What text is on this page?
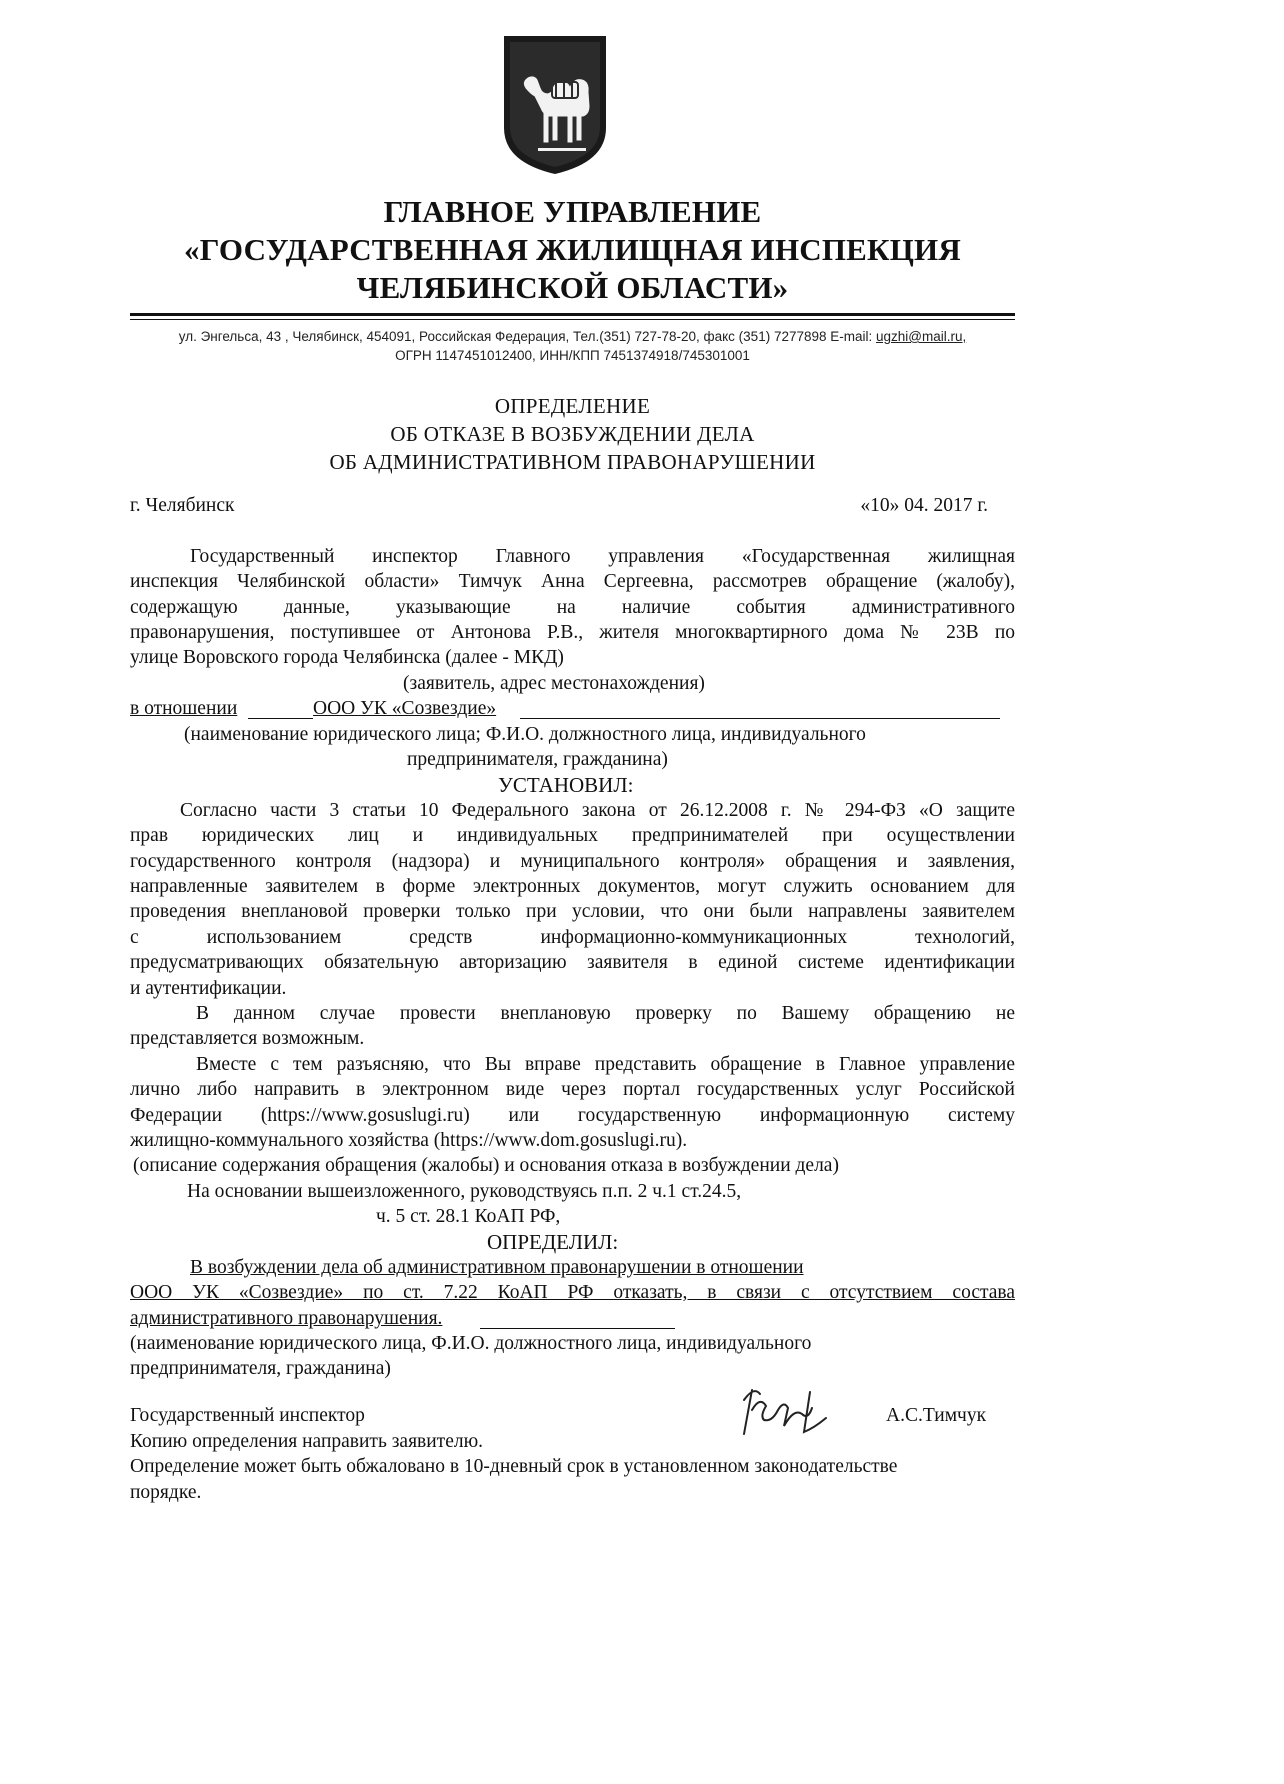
ГЛАВНОЕ УПРАВЛЕНИЕ
«ГОСУДАРСТВЕННАЯ ЖИЛИЩНАЯ ИНСПЕКЦИЯ
ЧЕЛЯБИНСКОЙ ОБЛАСТИ»
ул. Энгельса, 43 , Челябинск, 454091, Российская Федерация, Тел.(351) 727-78-20, факс (351) 7277898 E-mail: ugzhi@mail.ru,
ОГРН 1147451012400, ИНН/КПП 7451374918/745301001
ОПРЕДЕЛЕНИЕ
ОБ ОТКАЗЕ В ВОЗБУЖДЕНИИ ДЕЛА
ОБ АДМИНИСТРАТИВНОМ ПРАВОНАРУШЕНИИ
г. Челябинск	«10» 04. 2017 г.
Государственный инспектор Главного управления «Государственная жилищная
инспекция Челябинской области» Тимчук Анна Сергеевна, рассмотрев обращение (жалобу),
содержащую данные, указывающие на наличие события административного
правонарушения, поступившее от Антонова Р.В., жителя многоквартирного дома № 23В по
улице Воровского города Челябинска (далее - МКД)
(заявитель, адрес местонахождения)
в отношении	ООО УК «Созвездие»
(наименование юридического лица; Ф.И.О. должностного лица, индивидуального
предпринимателя, гражданина)
УСТАНОВИЛ:
Согласно части 3 статьи 10 Федерального закона от 26.12.2008 г. № 294-ФЗ «О защите
прав юридических лиц и индивидуальных предпринимателей при осуществлении
государственного контроля (надзора) и муниципального контроля» обращения и заявления,
направленные заявителем в форме электронных документов, могут служить основанием для
проведения внеплановой проверки только при условии, что они были направлены заявителем
с использованием средств информационно-коммуникационных технологий,
предусматривающих обязательную авторизацию заявителя в единой системе идентификации
и аутентификации.
В данном случае провести внеплановую проверку по Вашему обращению не
представляется возможным.
Вместе с тем разъясняю, что Вы вправе представить обращение в Главное управление
лично либо направить в электронном виде через портал государственных услуг Российской
Федерации (https://www.gosuslugi.ru) или государственную информационную систему
жилищно-коммунального хозяйства (https://www.dom.gosuslugi.ru).
(описание содержания обращения (жалобы) и основания отказа в возбуждении дела)
На основании вышеизложенного, руководствуясь п.п. 2 ч.1 ст.24.5,
ч. 5 ст. 28.1 КоАП РФ,
ОПРЕДЕЛИЛ:
В возбуждении дела об административном правонарушении в отношении
ООО УК «Созвездие» по ст. 7.22 КоАП РФ отказать, в связи с отсутствием состава
административного правонарушения.
(наименование юридического лица, Ф.И.О. должностного лица, индивидуального
предпринимателя, гражданина)
Государственный инспектор	А.С.Тимчук
Копию определения направить заявителю.
Определение может быть обжаловано в 10-дневный срок в установленном законодательстве
порядке.
